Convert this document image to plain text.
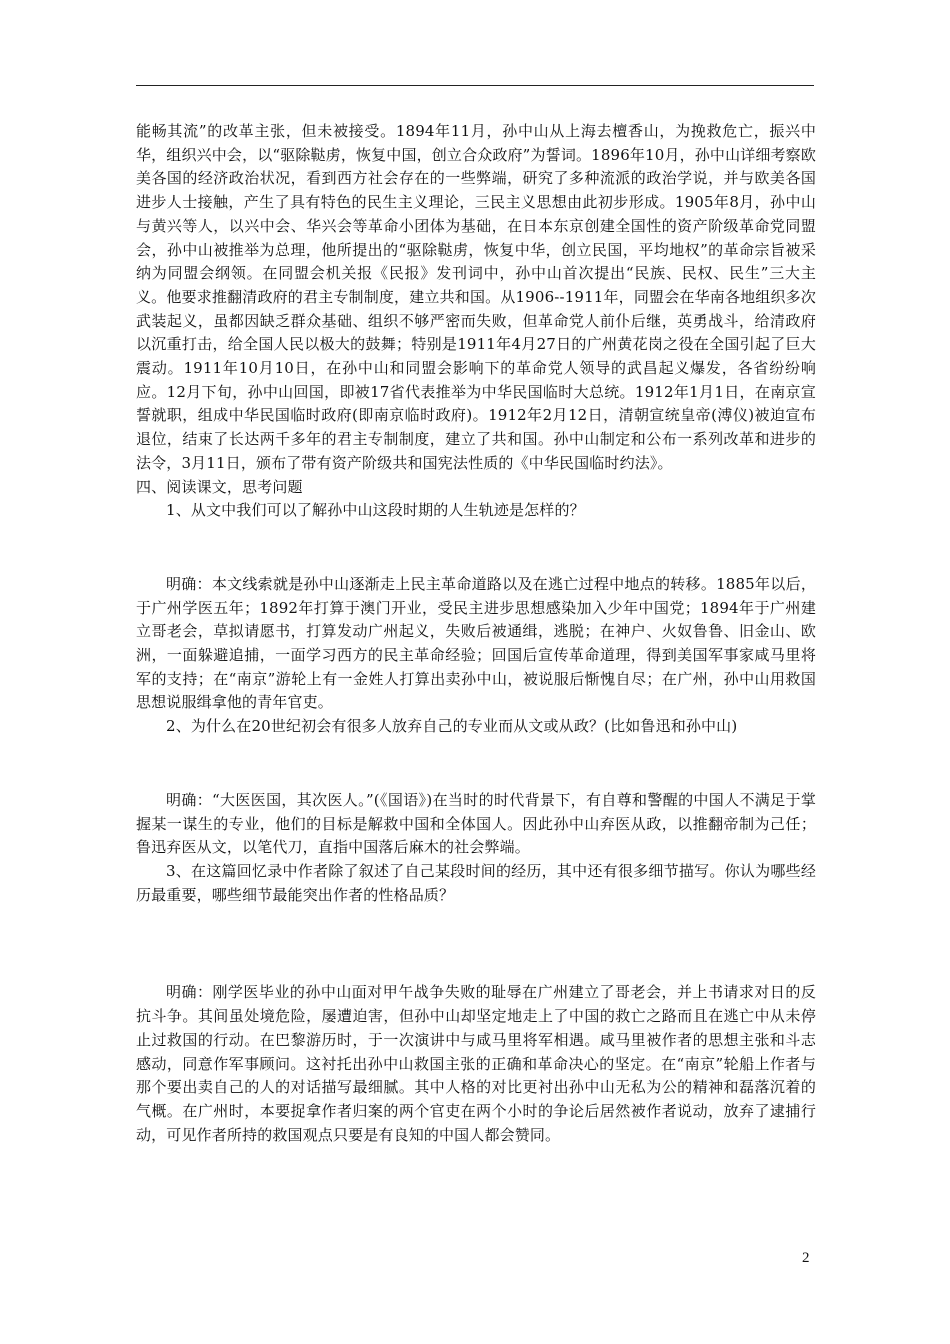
能畅其流”的改革主张，但未被接受。1894年11月，孙中山从上海去檀香山，为挽救危亡，振兴中华，组织兴中会，以“驱除鞑虏，恢复中国，创立合众政府”为誓词。1896年10月，孙中山详细考察欧美各国的经济政治状况，看到西方社会存在的一些弊端，研究了多种流派的政治学说，并与欧美各国进步人士接触，产生了具有特色的民生主义理论，三民主义思想由此初步形成。1905年8月，孙中山与黄兴等人，以兴中会、华兴会等革命小团体为基础，在日本东京创建全国性的资产阶级革命党同盟会，孙中山被推举为总理，他所提出的“驱除鞑虏，恢复中华，创立民国，平均地权”的革命宗旨被采纳为同盟会纲领。在同盟会机关报《民报》发刊词中，孙中山首次提出“民族、民权、民生”三大主义。他要求推翻清政府的君主专制制度，建立共和国。从1906--1911年，同盟会在华南各地组织多次武装起义，虽都因缺乏群众基础、组织不够严密而失败，但革命党人前仆后继，英勇战斗，给清政府以沉重打击，给全国人民以极大的鼓舞；特别是1911年4月27日的广州黄花岗之役在全国引起了巨大震动。1911年10月10日，在孙中山和同盟会影响下的革命党人领导的武昌起义爆发，各省纷纷响应。12月下旬，孙中山回国，即被17省代表推举为中华民国临时大总统。1912年1月1日，在南京宣誓就职，组成中华民国临时政府(即南京临时政府)。1912年2月12日，清朝宣统皇帝(溥仪)被迫宣布退位，结束了长达两千多年的君主专制制度，建立了共和国。孙中山制定和公布一系列改革和进步的法令，3月11日，颁布了带有资产阶级共和国宪法性质的《中华民国临时约法》。

四、阅读课文，思考问题

1、从文中我们可以了解孙中山这段时期的人生轨迹是怎样的？

明确：本文线索就是孙中山逐渐走上民主革命道路以及在逃亡过程中地点的转移。1885年以后，于广州学医五年；1892年打算于澳门开业，受民主进步思想感染加入少年中国党；1894年于广州建立哥老会，草拟请愿书，打算发动广州起义，失败后被通缉，逃脱；在神户、火奴鲁鲁、旧金山、欧洲，一面躲避追捕，一面学习西方的民主革命经验；回国后宣传革命道理，得到美国军事家咸马里将军的支持；在“南京”游轮上有一金姓人打算出卖孙中山，被说服后惭愧自尽；在广州，孙中山用救国思想说服缉拿他的青年官吏。

2、为什么在20世纪初会有很多人放弃自己的专业而从文或从政？(比如鲁迅和孙中山)

明确：“大医医国，其次医人。”(《国语》)在当时的时代背景下，有自尊和警醒的中国人不满足于掌握某一谋生的专业，他们的目标是解救中国和全体国人。因此孙中山弃医从政，以推翻帝制为己任；鲁迅弃医从文，以笔代刀，直指中国落后麻木的社会弊端。

3、在这篇回忆录中作者除了叙述了自己某段时间的经历，其中还有很多细节描写。你认为哪些经历最重要，哪些细节最能突出作者的性格品质？

明确：刚学医毕业的孙中山面对甲午战争失败的耻辱在广州建立了哥老会，并上书请求对日的反抗斗争。其间虽处境危险，屡遭迫害，但孙中山却坚定地走上了中国的救亡之路而且在逃亡中从未停止过救国的行动。在巴黎游历时，于一次演讲中与咸马里将军相遇。咸马里被作者的思想主张和斗志感动，同意作军事顾问。这衬托出孙中山救国主张的正确和革命决心的坚定。在“南京”轮船上作者与那个要出卖自己的人的对话描写最细腻。其中人格的对比更衬出孙中山无私为公的精神和磊落沉着的气概。在广州时，本要捉拿作者归案的两个官吏在两个小时的争论后居然被作者说动，放弃了逮捕行动，可见作者所持的救国观点只要是有良知的中国人都会赞同。

2
